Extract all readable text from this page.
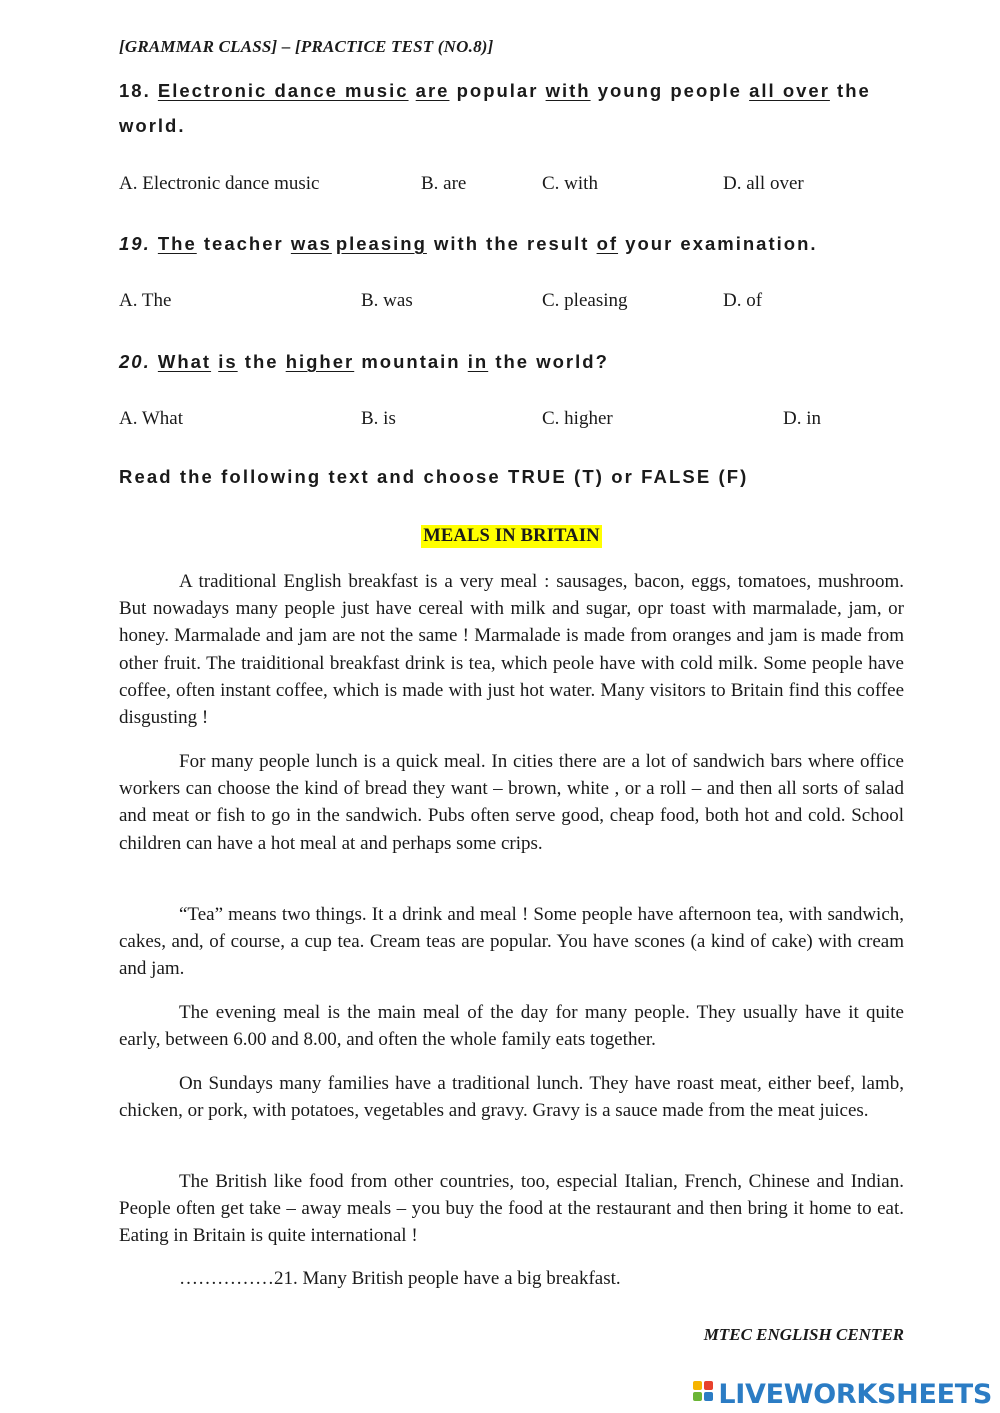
[GRAMMAR CLASS] – [PRACTICE TEST (NO.8)]
18. Electronic dance music are popular with young people all over the world.
A. Electronic dance music	B. are	C. with	D. all over
19. The teacher was pleasing with the result of your examination.
A. The	B. was	C. pleasing	D. of
20. What is the higher mountain in the world?
A. What	B. is	C. higher	D. in
Read the following text and choose TRUE (T) or FALSE (F)
MEALS IN BRITAIN

A traditional English breakfast is a very meal : sausages, bacon, eggs, tomatoes, mushroom. But nowadays many people just have cereal with milk and sugar, opr toast with marmalade, jam, or honey. Marmalade and jam are not the same ! Marmalade is made from oranges and jam is made from other fruit. The traiditional breakfast drink is tea, which peole have with cold milk. Some people have coffee, often instant coffee, which is made with just hot water. Many visitors to Britain find this coffee disgusting !

For many people lunch is a quick meal. In cities there are a lot of sandwich bars where office workers can choose the kind of bread they want – brown, white , or a roll – and then all sorts of salad and meat or fish to go in the sandwich. Pubs often serve good, cheap food, both hot and cold. School children can have a hot meal at and perhaps some crips.

“Tea” means two things. It a drink and meal ! Some people have afternoon tea, with sandwich, cakes, and, of course, a cup tea. Cream teas are popular. You have scones (a kind of cake) with cream and jam.

The evening meal is the main meal of the day for many people. They usually have it quite early, between 6.00 and 8.00, and often the whole family eats together.

On Sundays many families have a traditional lunch. They have roast meat, either beef, lamb, chicken, or pork, with potatoes, vegetables and gravy. Gravy is a sauce made from the meat juices.

The British like food from other countries, too, especial Italian, French, Chinese and Indian. People often get take – away meals – you buy the food at the restaurant and then bring it home to eat. Eating in Britain is quite international !

……………21. Many British people have a big breakfast.
MTEC ENGLISH CENTER
LIVEWORKSHEETS
